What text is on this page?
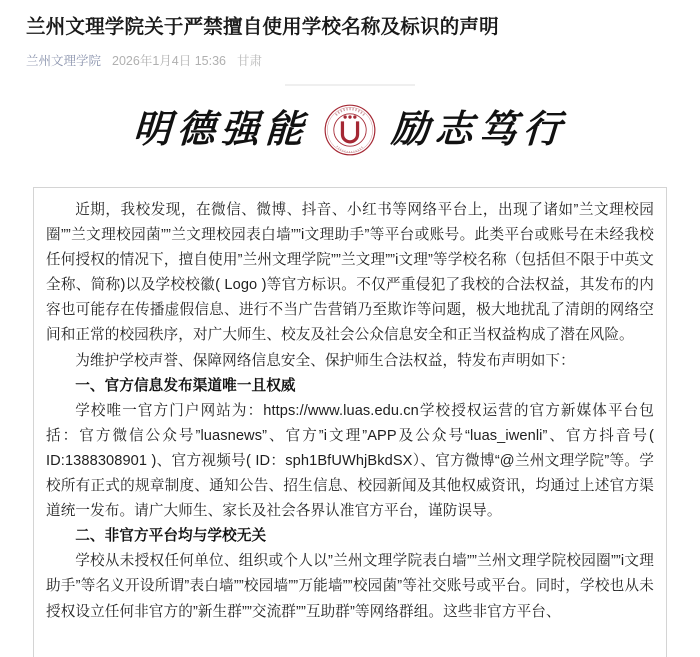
兰州文理学院关于严禁擅自使用学校名称及标识的声明
兰州文理学院 2026年1月4日 15:36 甘肃
明德强能 励志笃行

近期，我校发现，在微信、微博、抖音、小红书等网络平台上，出现了诸如”兰文理校园圈””兰文理校园菌””兰文理校园表白墙””i文理助手”等平台或账号。此类平台或账号在未经我校任何授权的情况下，擅自使用”兰州文理学院””兰文理””i文理”等学校名称（包括但不限于中英文全称、简称)以及学校校徽( Logo )等官方标识。不仅严重侵犯了我校的合法权益，其发布的内容也可能存在传播虚假信息、进行不当广告营销乃至欺诈等问题，极大地扰乱了清朗的网络空间和正常的校园秩序，对广大师生、校友及社会公众信息安全和正当权益构成了潜在风险。

为维护学校声誉、保障网络信息安全、保护师生合法权益，特发布声明如下：

一、官方信息发布渠道唯一且权威

学校唯一官方门户网站为：https://www.luas.edu.cn学校授权运营的官方新媒体平台包括：官方微信公众号”luasnews”、官方”i文理”APP及公众号“luas_iwenli”、官方抖音号( ID:1388308901 )、官方视频号( ID：sph1BfUWhjBkdSX）、官方微博“@兰州文理学院”等。学校所有正式的规章制度、通知公告、招生信息、校园新闻及其他权威资讯，均通过上述官方渠道统一发布。请广大师生、家长及社会各界认准官方平台，谨防误导。

二、非官方平台均与学校无关

学校从未授权任何单位、组织或个人以”兰州文理学院表白墙””兰州文理学院校园圈””i文理助手”等名义开设所谓”表白墙””校园墙””万能墙””校园菌”等社交账号或平台。同时，学校也从未授权设立任何非官方的”新生群””交流群””互助群”等网络群组。这些非官方平台、
